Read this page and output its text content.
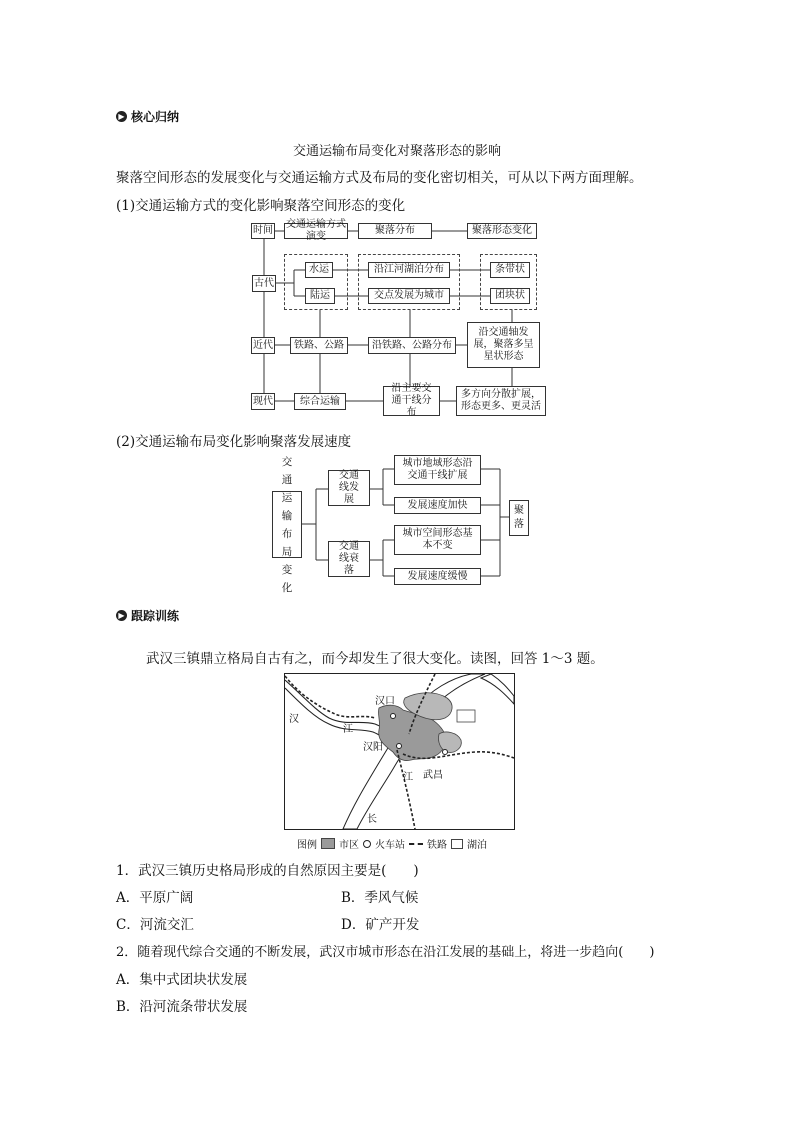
▶ 核心归纳
交通运输布局变化对聚落形态的影响
聚落空间形态的发展变化与交通运输方式及布局的变化密切相关，可从以下两方面理解。
(1)交通运输方式的变化影响聚落空间形态的变化
时间
交通运输方式演变
聚落分布	聚落形态变化
古代
水运
陆运
沿江河湖泊分布
交点发展为城市
条带状
团块状
近代	铁路、公路	沿铁路、公路分布
沿交通轴发展，聚落多呈星状形态
现代	综合运输
沿主要交通干线分布
多方向分散扩展，形态更多、更灵活
(2)交通运输布局变化影响聚落发展速度
交通运输布局变化
交通线发展
交通线衰落
城市地域形态沿交通干线扩展
发展速度加快
城市空间形态基本不变
发展速度缓慢
聚落
▶ 跟踪训练
武汉三镇鼎立格局自古有之，而今却发生了很大变化。读图，回答 1～3 题。
汉口
汉阳
武昌
汉
江
江
长
图例 市区 火车站 铁路 湖泊
1．武汉三镇历史格局形成的自然原因主要是(　　)
A．平原广阔	B．季风气候
C．河流交汇	D．矿产开发
2．随着现代综合交通的不断发展，武汉市城市形态在沿江发展的基础上，将进一步趋向(　　)
A．集中式团块状发展
B．沿河流条带状发展
